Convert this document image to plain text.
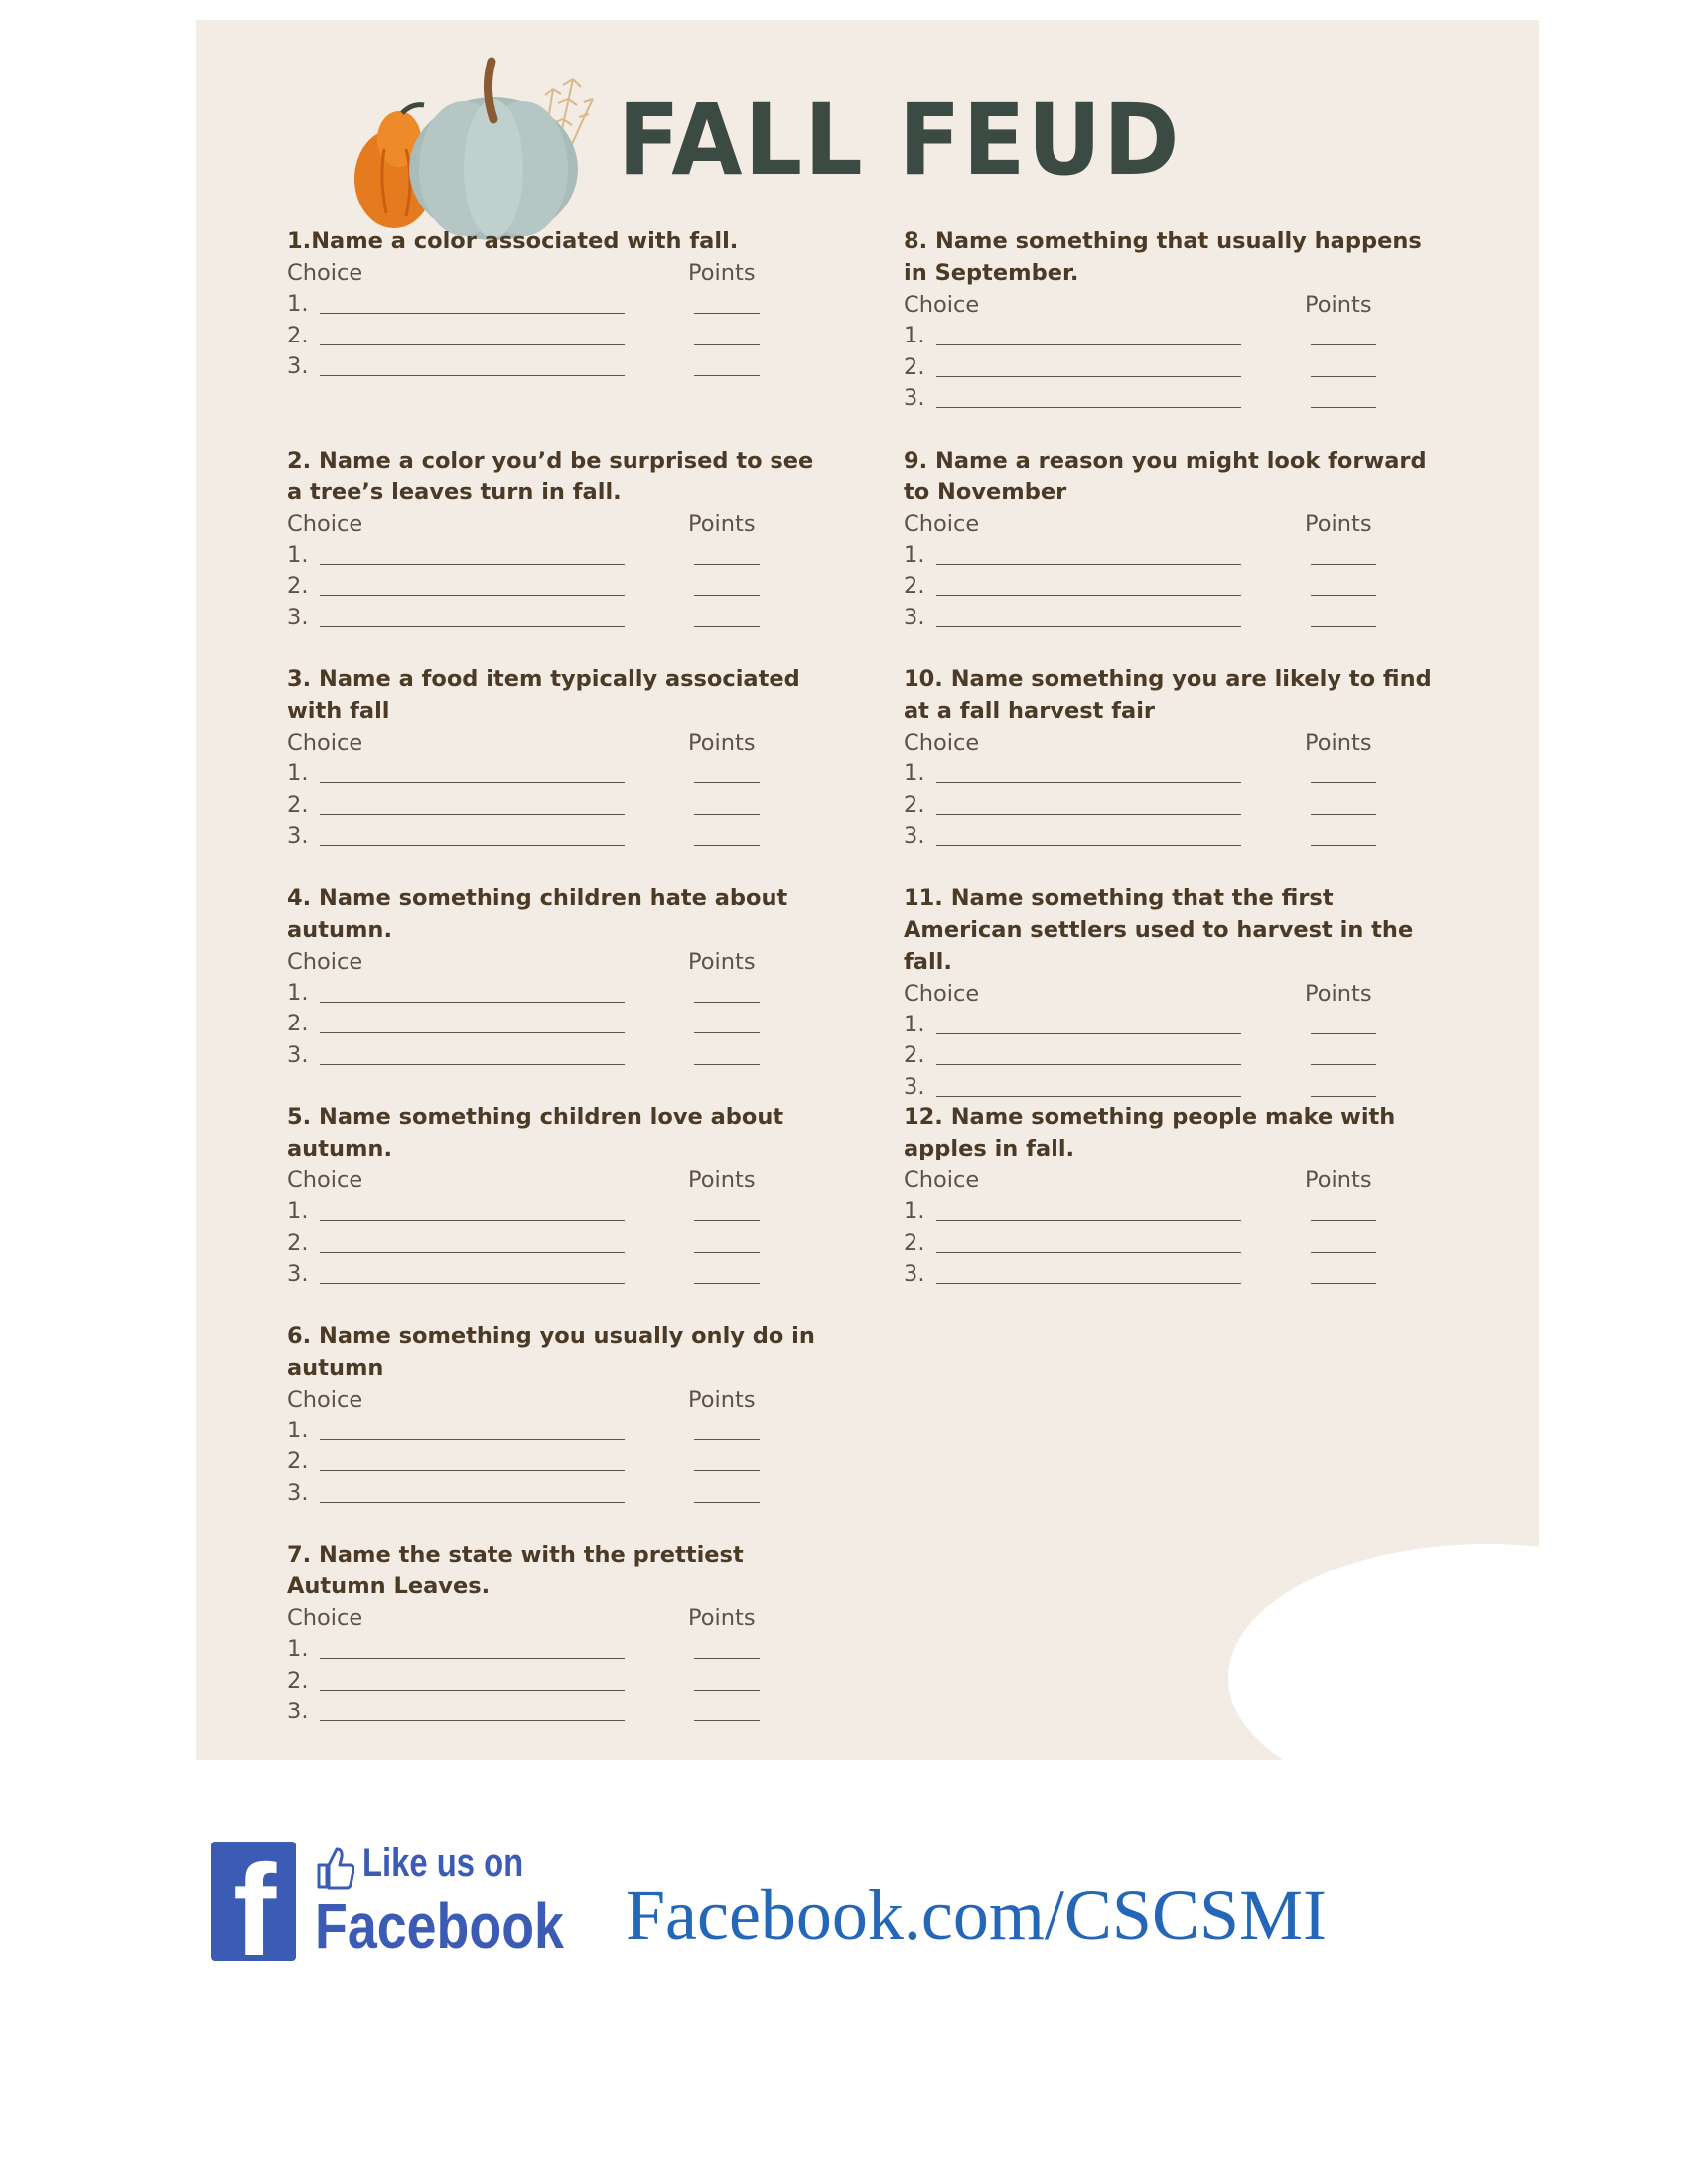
FALL FEUD

1.Name a color associated with fall.

Choice	Points
1.
2.
3.

2. Name a color you’d be surprised to see a tree’s leaves turn in fall.

Choice	Points
1.
2.
3.

3. Name a food item typically associated with fall

Choice	Points
1.
2.
3.

4. Name something children hate about autumn.

Choice	Points
1.
2.
3.

5. Name something children love about autumn.

Choice	Points
1.
2.
3.

6. Name something you usually only do in autumn

Choice	Points
1.
2.
3.

7. Name the state with the prettiest Autumn Leaves.

Choice	Points
1.
2.
3.

8. Name something that usually happens in September.

Choice	Points
1.
2.
3.

9. Name a reason you might look forward to November

Choice	Points
1.
2.
3.

10. Name something you are likely to find at a fall harvest fair

Choice	Points
1.
2.
3.

11. Name something that the first American settlers used to harvest in the fall.

Choice	Points
1.
2.
3.

12. Name something people make with apples in fall.

Choice	Points
1.
2.
3.
f Like us on
Facebook Facebook.com/CSCSMI
